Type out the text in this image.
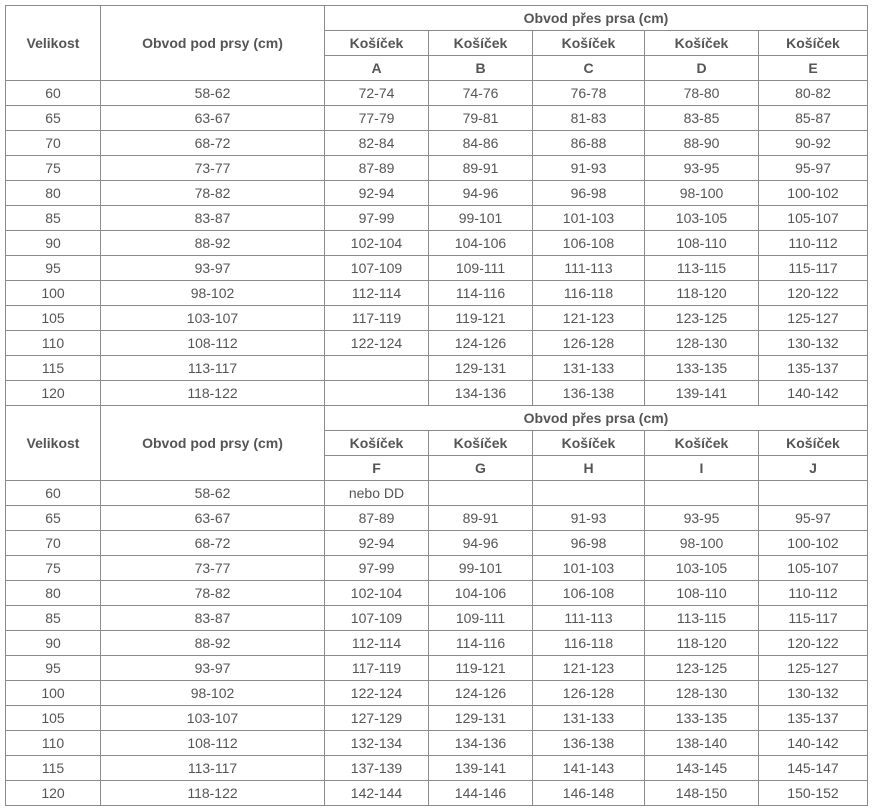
Velikost	Obvod pod prsy (cm)	Obvod přes prsa (cm)				
		Košíček	Košíček	Košíček	Košíček	Košíček
		A	B	C	D	E
60	58-62	72-74	74-76	76-78	78-80	80-82
65	63-67	77-79	79-81	81-83	83-85	85-87
70	68-72	82-84	84-86	86-88	88-90	90-92
75	73-77	87-89	89-91	91-93	93-95	95-97
80	78-82	92-94	94-96	96-98	98-100	100-102
85	83-87	97-99	99-101	101-103	103-105	105-107
90	88-92	102-104	104-106	106-108	108-110	110-112
95	93-97	107-109	109-111	111-113	113-115	115-117
100	98-102	112-114	114-116	116-118	118-120	120-122
105	103-107	117-119	119-121	121-123	123-125	125-127
110	108-112	122-124	124-126	126-128	128-130	130-132
115	113-117		129-131	131-133	133-135	135-137
120	118-122		134-136	136-138	139-141	140-142
Velikost	Obvod pod prsy (cm)	Obvod přes prsa (cm)				
		Košíček	Košíček	Košíček	Košíček	Košíček
		F	G	H	I	J
60	58-62	nebo DD				
65	63-67	87-89	89-91	91-93	93-95	95-97
70	68-72	92-94	94-96	96-98	98-100	100-102
75	73-77	97-99	99-101	101-103	103-105	105-107
80	78-82	102-104	104-106	106-108	108-110	110-112
85	83-87	107-109	109-111	111-113	113-115	115-117
90	88-92	112-114	114-116	116-118	118-120	120-122
95	93-97	117-119	119-121	121-123	123-125	125-127
100	98-102	122-124	124-126	126-128	128-130	130-132
105	103-107	127-129	129-131	131-133	133-135	135-137
110	108-112	132-134	134-136	136-138	138-140	140-142
115	113-117	137-139	139-141	141-143	143-145	145-147
120	118-122	142-144	144-146	146-148	148-150	150-152
